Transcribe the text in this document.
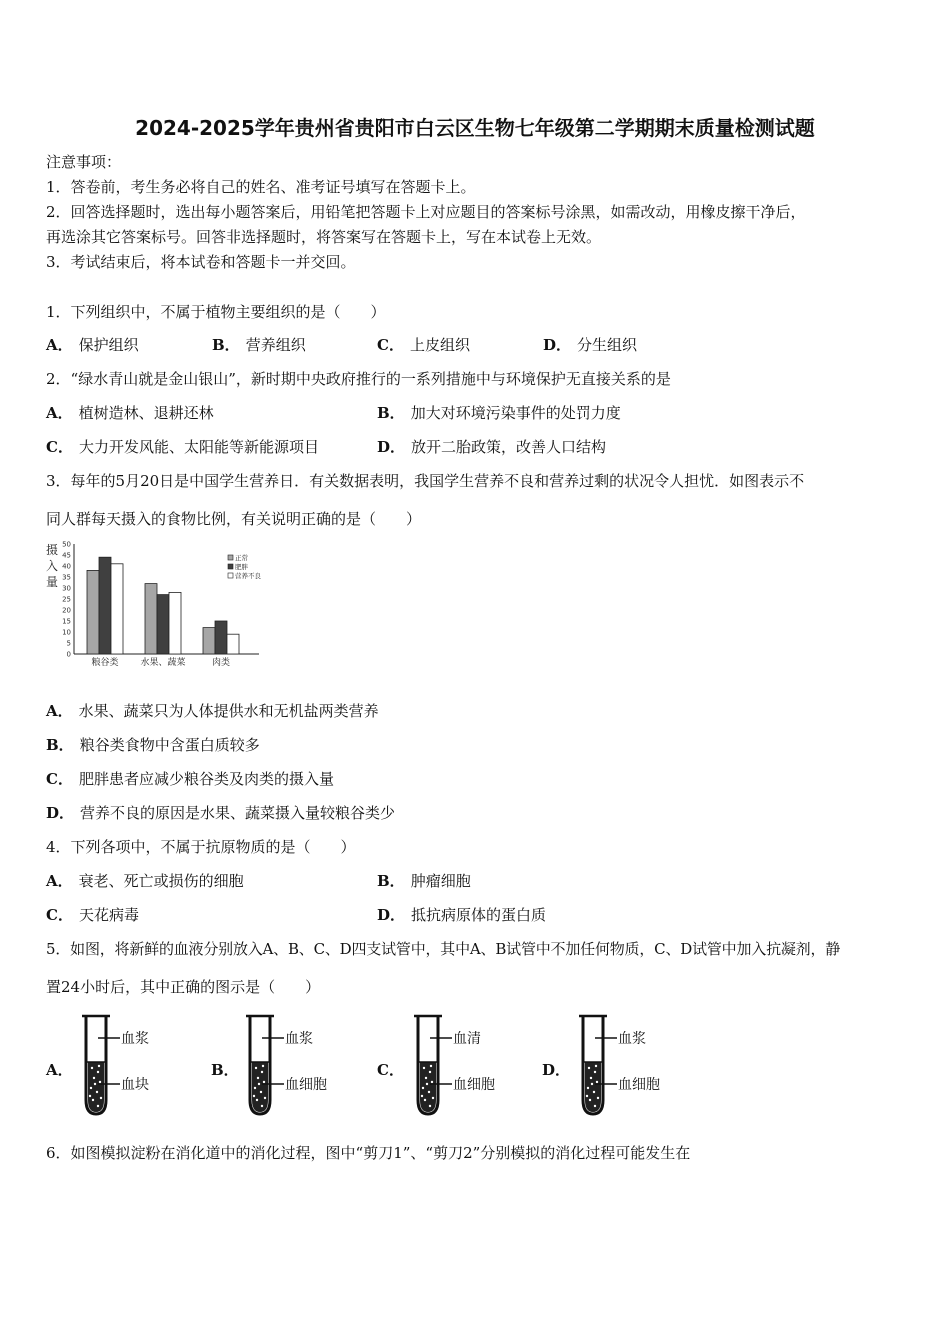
2024-2025学年贵州省贵阳市白云区生物七年级第二学期期末质量检测试题
注意事项：
1．答卷前，考生务必将自己的姓名、准考证号填写在答题卡上。
2．回答选择题时，选出每小题答案后，用铅笔把答题卡上对应题目的答案标号涂黑，如需改动，用橡皮擦干净后，
再选涂其它答案标号。回答非选择题时，将答案写在答题卡上，写在本试卷上无效。
3．考试结束后，将本试卷和答题卡一并交回。
1．下列组织中，不属于植物主要组织的是（　　）
A． 保护组织	B． 营养组织	C． 上皮组织	D． 分生组织
2．“绿水青山就是金山银山”，新时期中央政府推行的一系列措施中与环境保护无直接关系的是
A． 植树造林、退耕还林	B． 加大对环境污染事件的处罚力度
C． 大力开发风能、太阳能等新能源项目	D． 放开二胎政策，改善人口结构
3．每年的5月20日是中国学生营养日．有关数据表明，我国学生营养不良和营养过剩的状况令人担忧．如图表示不
同人群每天摄入的食物比例，有关说明正确的是（　　）
摄
入
量
0
5
10
15
20
25
30
35
40
45
50
粮谷类 水果、蔬菜	肉类
正常
肥胖
营养不良
A． 水果、蔬菜只为人体提供水和无机盐两类营养
B． 粮谷类食物中含蛋白质较多
C． 肥胖患者应减少粮谷类及肉类的摄入量
D． 营养不良的原因是水果、蔬菜摄入量较粮谷类少
4．下列各项中，不属于抗原物质的是（　　）
A． 衰老、死亡或损伤的细胞	B． 肿瘤细胞
C． 天花病毒	D． 抵抗病原体的蛋白质
5．如图，将新鲜的血液分别放入A、B、C、D四支试管中，其中A、B试管中不加任何物质，C、D试管中加入抗凝剂，静
置24小时后，其中正确的图示是（　　）
A．
血浆
血块
B．
血浆
血细胞
C．
血清
血细胞
D．
血浆
血细胞
6．如图模拟淀粉在消化道中的消化过程，图中“剪刀1”、“剪刀2”分别模拟的消化过程可能发生在
